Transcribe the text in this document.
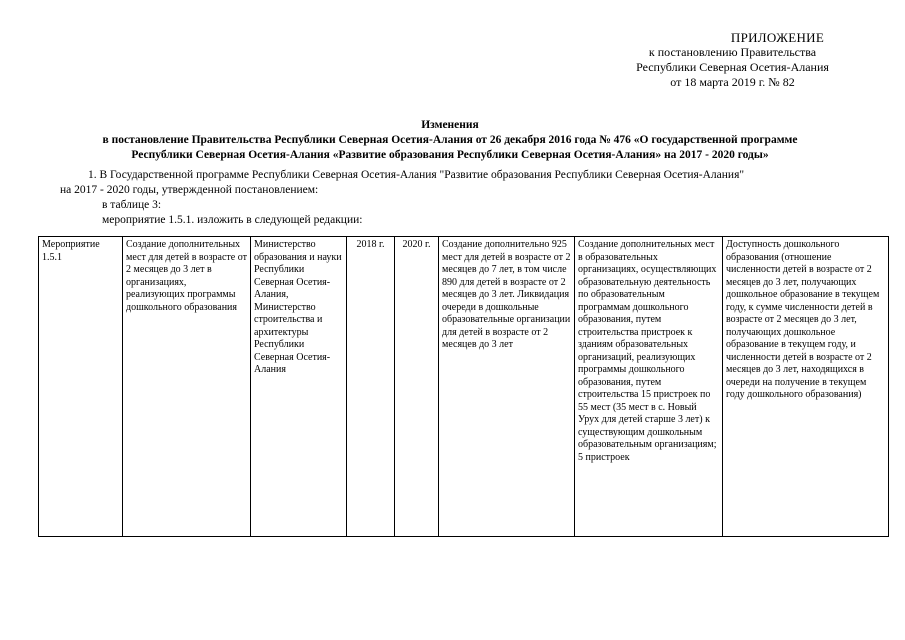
ПРИЛОЖЕНИЕ
к постановлению Правительства
Республики Северная Осетия-Алания
от 18 марта 2019 г. № 82
Изменения
в постановление Правительства Республики Северная Осетия-Алания от 26 декабря 2016 года № 476 «О государственной программе
Республики Северная Осетия-Алания «Развитие образования Республики Северная Осетия-Алания» на 2017 - 2020 годы»
1. В Государственной программе Республики Северная Осетия-Алания "Развитие образования Республики Северная Осетия-Алания"
на 2017 - 2020 годы, утвержденной постановлением:
в таблице 3:
мероприятие 1.5.1. изложить в следующей редакции:
Мероприятие 1.5.1	Создание дополнительных мест для детей в возрасте от 2 месяцев до 3 лет в организациях, реализующих программы дошкольного образования	Министерство образования и науки Республики Северная Осетия-Алания, Министерство строительства и архитектуры Республики Северная Осетия-Алания	2018 г.	2020 г.	Создание дополнительно 925 мест для детей в возрасте от 2 месяцев до 7 лет, в том числе 890 для детей в возрасте от 2 месяцев до 3 лет. Ликвидация очереди в дошкольные образовательные организации для детей в возрасте от 2 месяцев до 3 лет	Создание дополнительных мест в образовательных организациях, осуществляющих образовательную деятельность по образовательным программам дошкольного образования, путем строительства пристроек к зданиям образовательных организаций, реализующих программы дошкольного образования, путем строительства 15 пристроек по 55 мест (35 мест в с. Новый Урух для детей старше 3 лет) к существующим дошкольным образовательным организациям; 5 пристроек	Доступность дошкольного образования (отношение численности детей в возрасте от 2 месяцев до 3 лет, получающих дошкольное образование в текущем году, к сумме численности детей в возрасте от 2 месяцев до 3 лет, получающих дошкольное образование в текущем году, и численности детей в возрасте от 2 месяцев до 3 лет, находящихся в очереди на получение в текущем году дошкольного образования)
